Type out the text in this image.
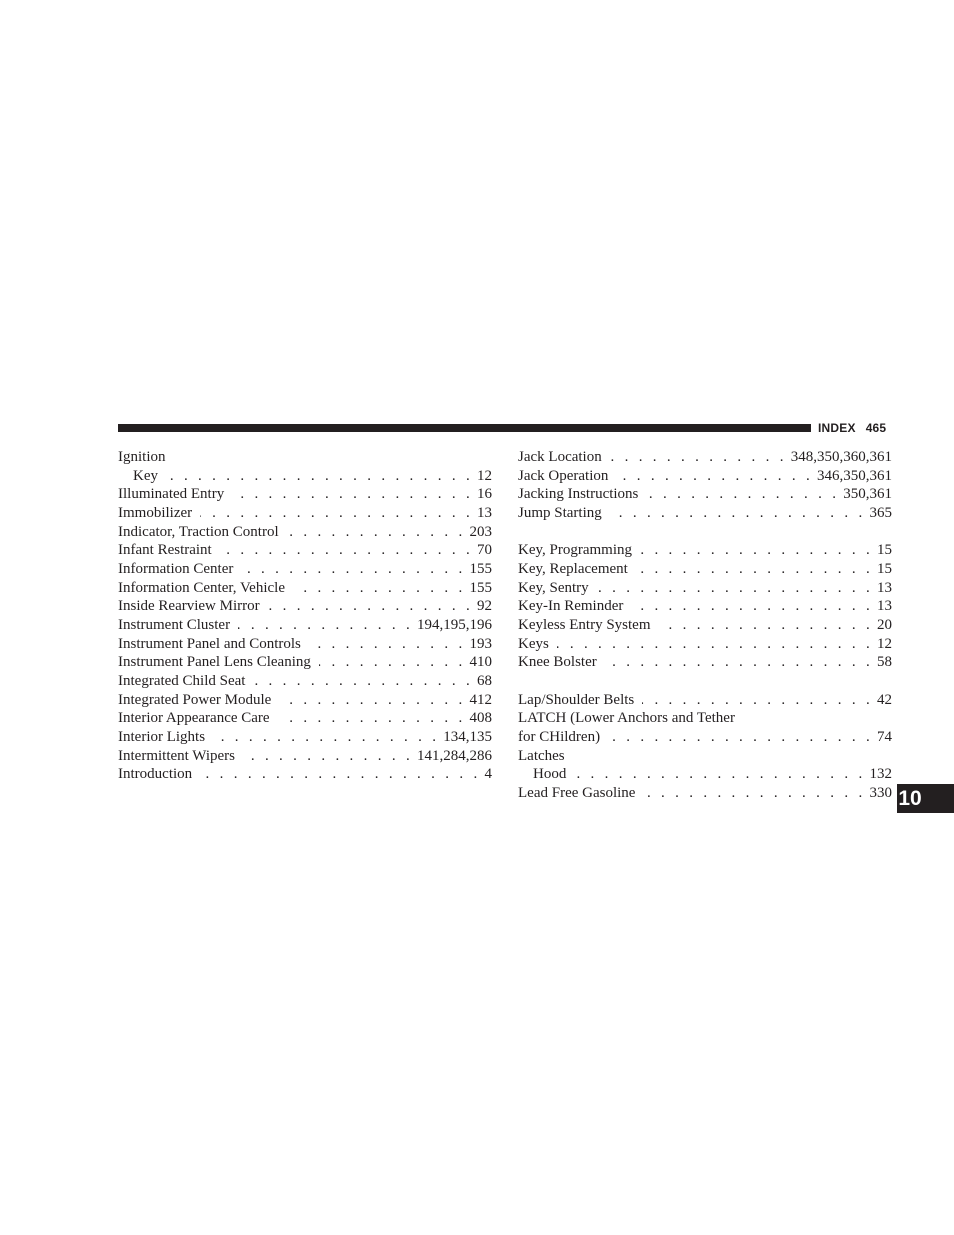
INDEX 465
Ignition
Key . . .	12
Illuminated Entry . . .	16
Immobilizer . . .	13
Indicator, Traction Control . . .	203
Infant Restraint . . .	70
Information Center . . .	155
Information Center, Vehicle . . .	155
Inside Rearview Mirror . . .	92
Instrument Cluster . . .	194,195,196
Instrument Panel and Controls . . .	193
Instrument Panel Lens Cleaning . . .	410
Integrated Child Seat . . .	68
Integrated Power Module . . .	412
Interior Appearance Care . . .	408
Interior Lights . . .	134,135
Intermittent Wipers . . .	141,284,286
Introduction . . .	4
Jack Location . . .	348,350,360,361
Jack Operation . . .	346,350,361
Jacking Instructions . . .	350,361
Jump Starting . . .	365
Key, Programming . . .	15
Key, Replacement . . .	15
Key, Sentry . . .	13
Key-In Reminder . . .	13
Keyless Entry System . . .	20
Keys . . .	12
Knee Bolster . . .	58
Lap/Shoulder Belts . . .	42
LATCH (Lower Anchors and Tether
for CHildren) . . .	74
Latches
Hood . . .	132
Lead Free Gasoline . . .	330 10
